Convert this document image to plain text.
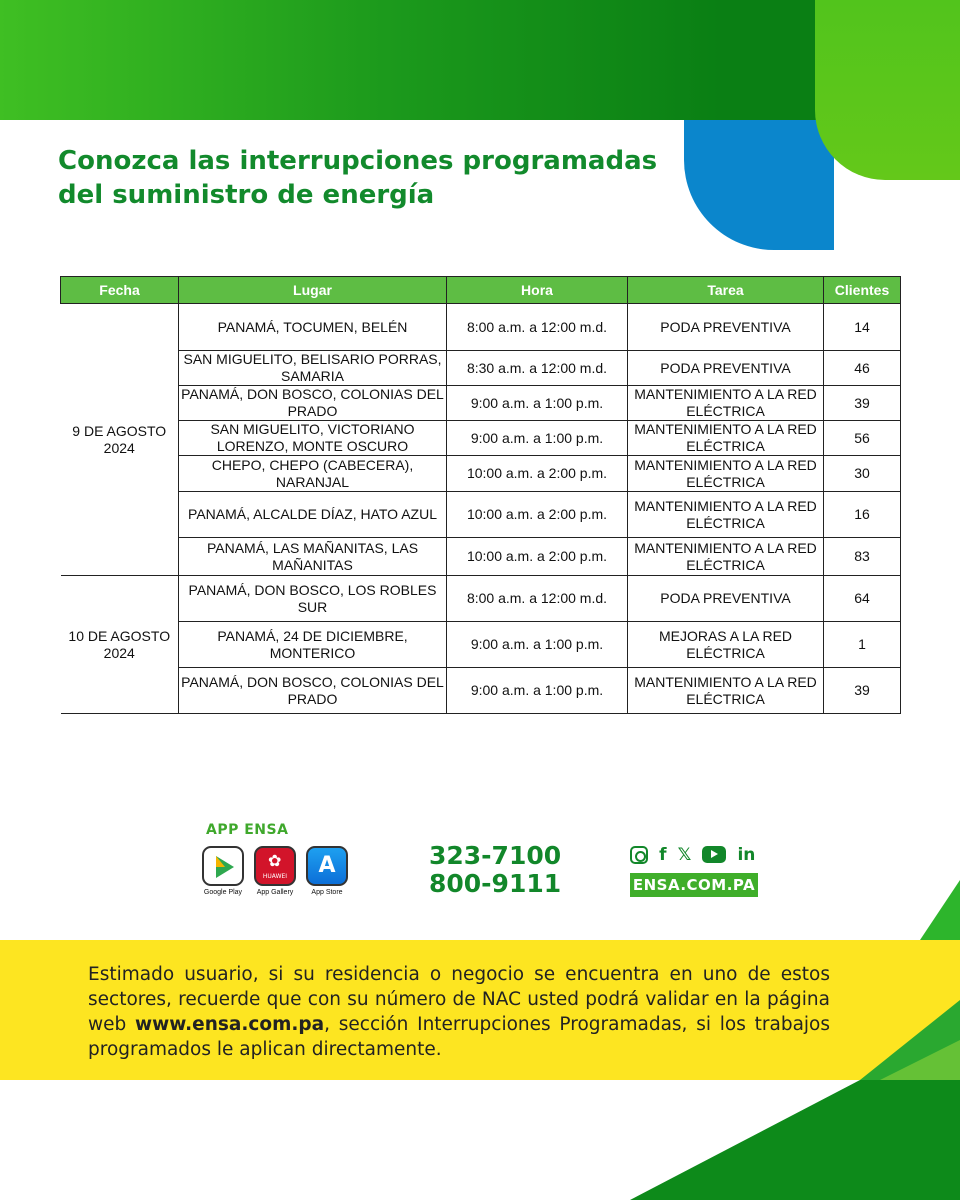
Conozca las interrupciones programadas
del suministro de energía
Fecha	Lugar	Hora	Tarea	Clientes
9 DE AGOSTO 2024	PANAMÁ, TOCUMEN, BELÉN	8:00 a.m. a 12:00 m.d.	PODA PREVENTIVA	14
	SAN MIGUELITO, BELISARIO PORRAS, SAMARIA	8:30 a.m. a 12:00 m.d.	PODA PREVENTIVA	46
	PANAMÁ, DON BOSCO, COLONIAS DEL PRADO	9:00 a.m. a 1:00 p.m.	MANTENIMIENTO A LA RED ELÉCTRICA	39
	SAN MIGUELITO, VICTORIANO LORENZO, MONTE OSCURO	9:00 a.m. a 1:00 p.m.	MANTENIMIENTO A LA RED ELÉCTRICA	56
	CHEPO, CHEPO (CABECERA), NARANJAL	10:00 a.m. a 2:00 p.m.	MANTENIMIENTO A LA RED ELÉCTRICA	30
	PANAMÁ, ALCALDE DÍAZ, HATO AZUL	10:00 a.m. a 2:00 p.m.	MANTENIMIENTO A LA RED ELÉCTRICA	16
	PANAMÁ, LAS MAÑANITAS, LAS MAÑANITAS	10:00 a.m. a 2:00 p.m.	MANTENIMIENTO A LA RED ELÉCTRICA	83
10 DE AGOSTO 2024	PANAMÁ, DON BOSCO, LOS ROBLES SUR	8:00 a.m. a 12:00 m.d.	PODA PREVENTIVA	64
	PANAMÁ, 24 DE DICIEMBRE, MONTERICO	9:00 a.m. a 1:00 p.m.	MEJORAS A LA RED ELÉCTRICA	1
	PANAMÁ, DON BOSCO, COLONIAS DEL PRADO	9:00 a.m. a 1:00 p.m.	MANTENIMIENTO A LA RED ELÉCTRICA	39
APP ENSA
Google Play
✿
HUAWEI
App Gallery
A
App Store
323-7100
800-9111
f 𝕏	in
ENSA.COM.PA

Estimado usuario, si su residencia o negocio se encuentra en uno de estos sectores, recuerde que con su número de NAC usted podrá validar en la página web www.ensa.com.pa, sección Interrupciones Programadas, si los trabajos programados le aplican directamente.
